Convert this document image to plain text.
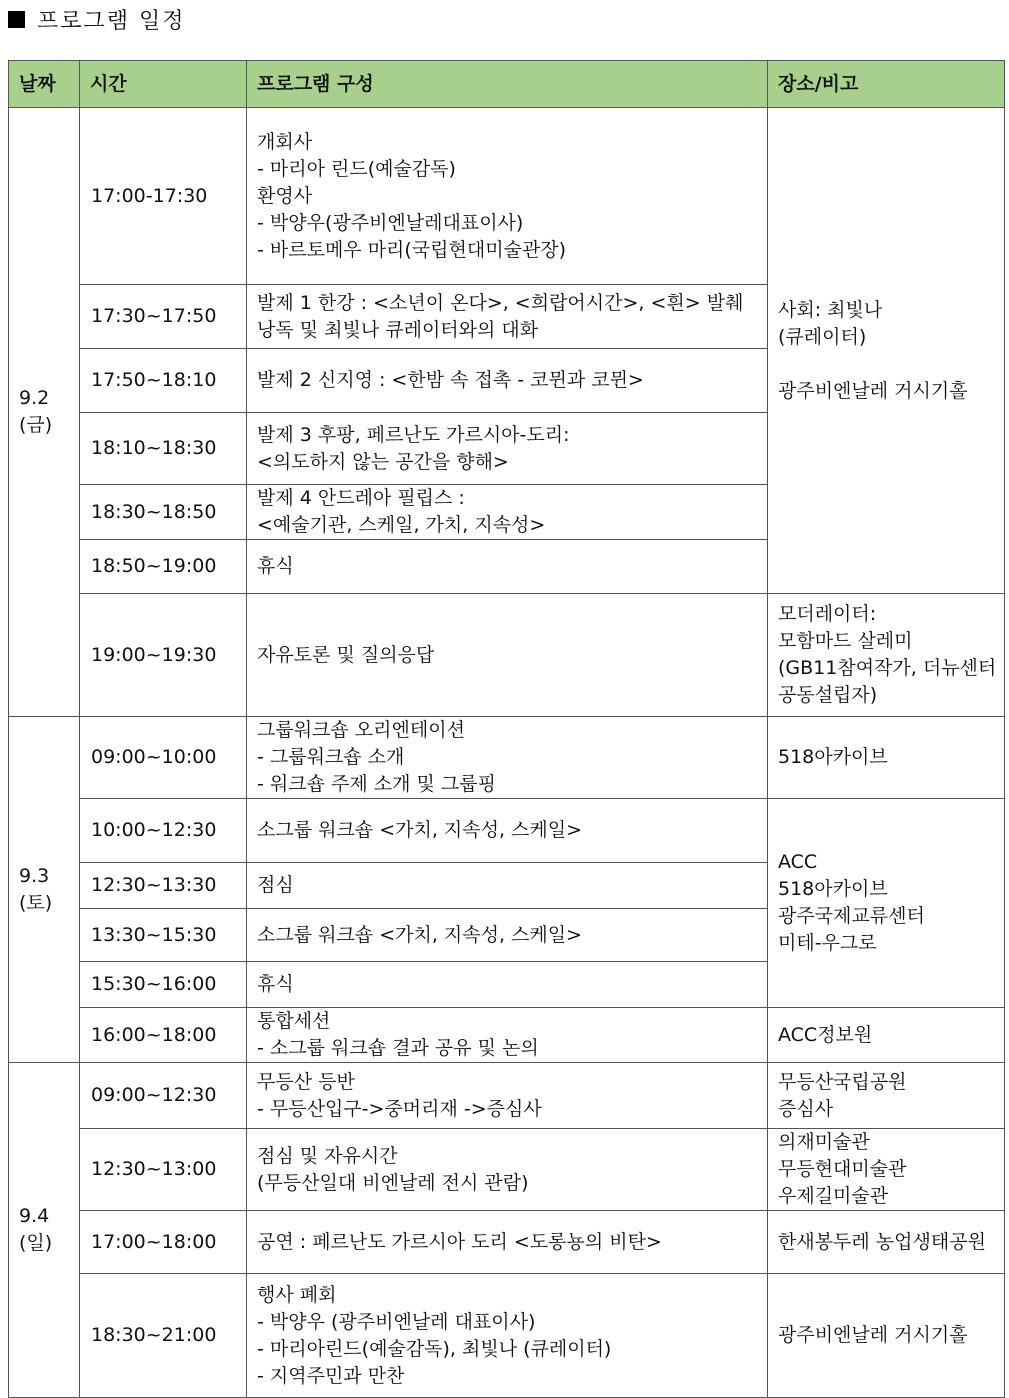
프로그램 일정
날짜	시간	프로그램 구성	장소/비고

9.2
(금)	17:00-17:30	개회사
- 마리아 린드(예술감독)
환영사
- 박양우(광주비엔날레대표이사)
- 바르토메우 마리(국립현대미술관장)	사회: 최빛나
(큐레이터)
광주비엔날레 거시기홀

	17:30~17:50	발제 1 한강 : <소년이 온다>, <희랍어시간>, <흰> 발췌
낭독 및 최빛나 큐레이터와의 대화	

	17:50~18:10	발제 2 신지영 : <한밤 속 접촉 - 코뮌과 코뮌>	

	18:10~18:30	발제 3 후팡, 페르난도 가르시아-도리:
<의도하지 않는 공간을 향해>	

	18:30~18:50	발제 4 안드레아 필립스 :
<예술기관, 스케일, 가치, 지속성>	

	18:50~19:00	휴식	

	19:00~19:30	자유토론 및 질의응답	모더레이터:
모함마드 살레미
(GB11참여작가, 더뉴센터
공동설립자)

9.3
(토)	09:00~10:00	그룹워크숍 오리엔테이션
- 그룹워크숍 소개
- 워크숍 주제 소개 및 그룹핑	518아카이브

	10:00~12:30	소그룹 워크숍 <가치, 지속성, 스케일>	ACC
518아카이브
광주국제교류센터
미테-우그로

	12:30~13:30	점심	

	13:30~15:30	소그룹 워크숍 <가치, 지속성, 스케일>	

	15:30~16:00	휴식	

	16:00~18:00	통합세션
- 소그룹 워크숍 결과 공유 및 논의	ACC정보원

9.4
(일)	09:00~12:30	무등산 등반
- 무등산입구->중머리재 ->증심사	무등산국립공원
증심사

	12:30~13:00	점심 및 자유시간
(무등산일대 비엔날레 전시 관람)	의재미술관
무등현대미술관
우제길미술관

	17:00~18:00	공연 : 페르난도 가르시아 도리 <도롱뇽의 비탄>	한새봉두레 농업생태공원

	18:30~21:00	행사 폐회
- 박양우 (광주비엔날레 대표이사)
- 마리아린드(예술감독), 최빛나 (큐레이터)
- 지역주민과 만찬	광주비엔날레 거시기홀
